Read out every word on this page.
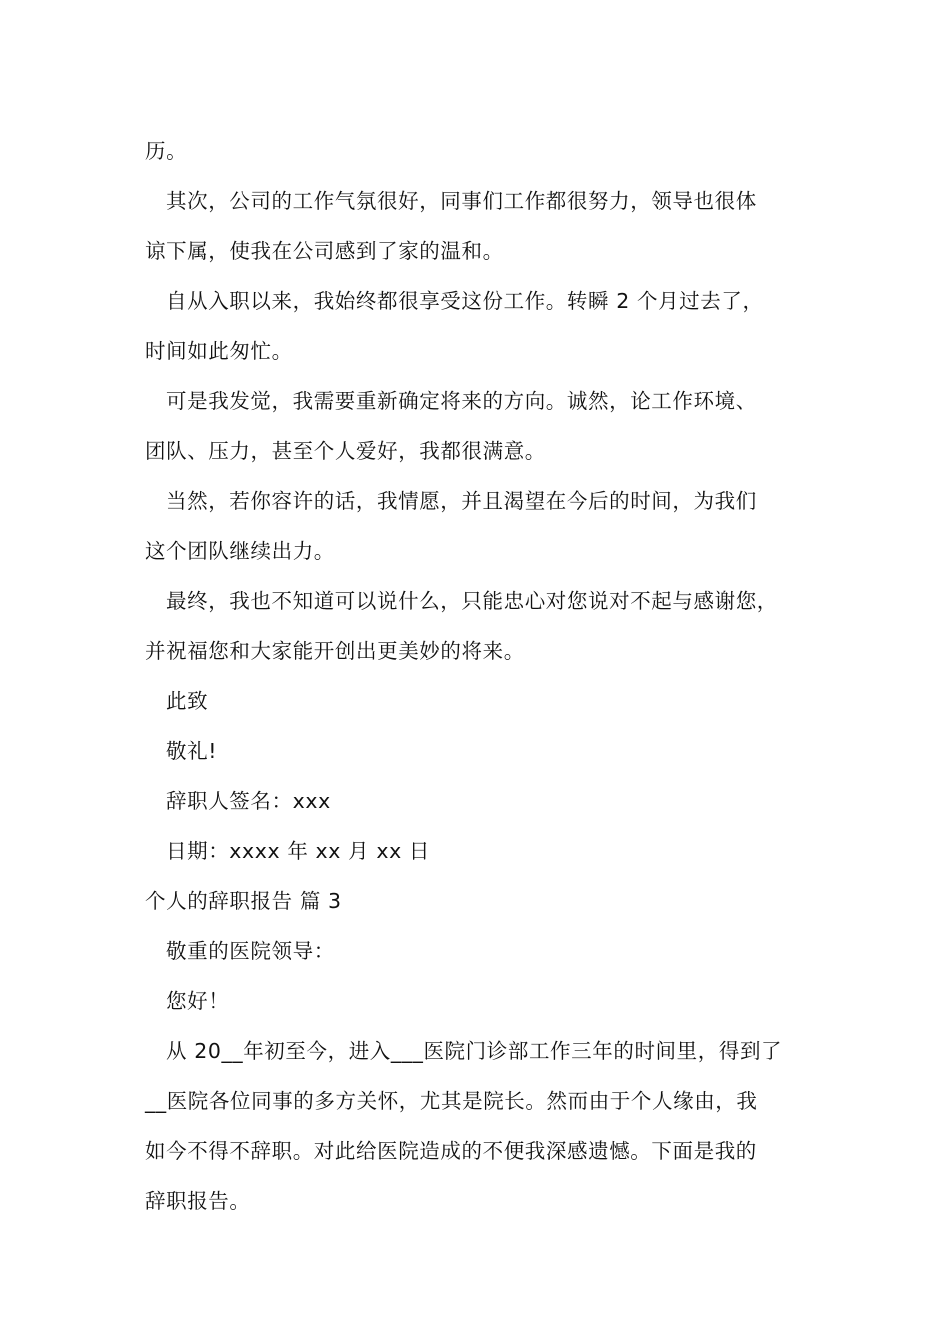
历。
其次，公司的工作气氛很好，同事们工作都很努力，领导也很体
谅下属，使我在公司感到了家的温和。
自从入职以来，我始终都很享受这份工作。转瞬 2 个月过去了，
时间如此匆忙。
可是我发觉，我需要重新确定将来的方向。诚然，论工作环境、
团队、压力，甚至个人爱好，我都很满意。
当然，若你容许的话，我情愿，并且渴望在今后的时间，为我们
这个团队继续出力。
最终，我也不知道可以说什么，只能忠心对您说对不起与感谢您，
并祝福您和大家能开创出更美妙的将来。
此致
敬礼!
辞职人签名：xxx
日期：xxxx 年 xx 月 xx 日
个人的辞职报告 篇 3
敬重的医院领导：
您好！
从 20__年初至今，进入___医院门诊部工作三年的时间里，得到了
__医院各位同事的多方关怀，尤其是院长。然而由于个人缘由，我
如今不得不辞职。对此给医院造成的不便我深感遗憾。下面是我的
辞职报告。
